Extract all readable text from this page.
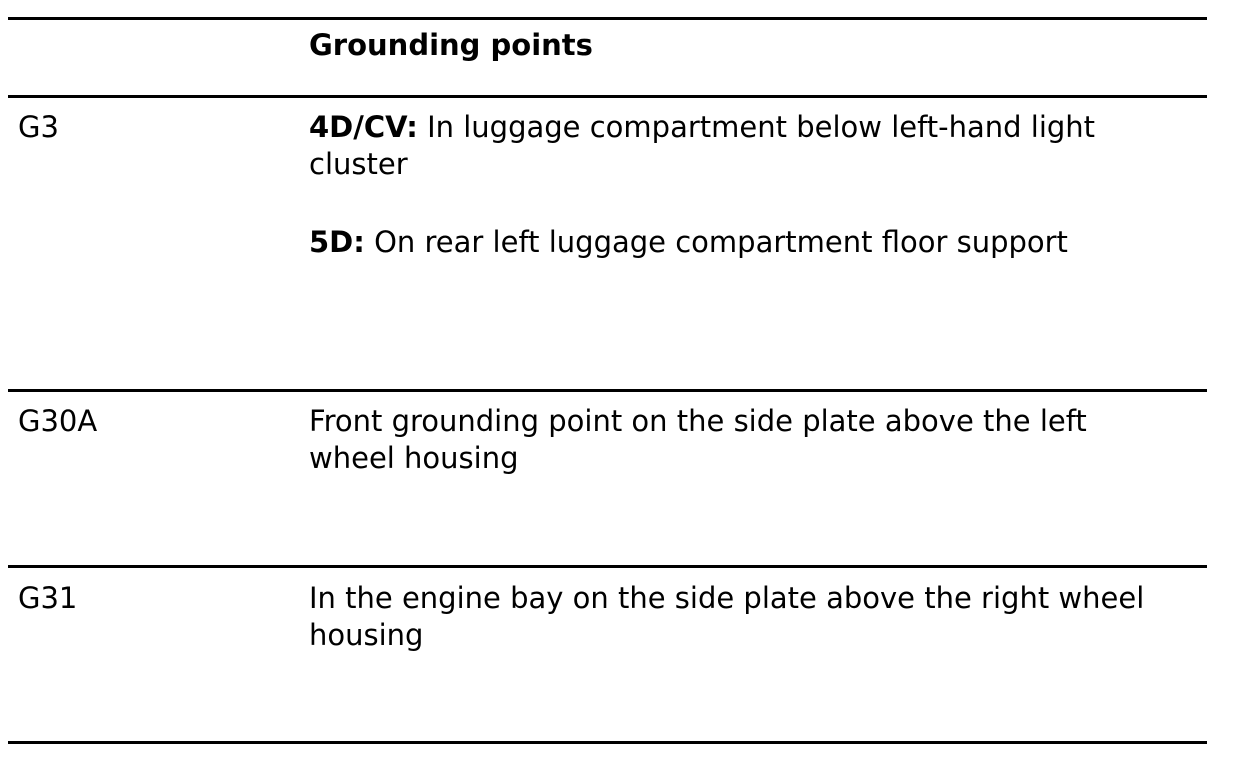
Grounding points
G3	4D/CV: In luggage compartment below left-hand light
cluster
5D: On rear left luggage compartment floor support
G30A	Front grounding point on the side plate above the left
wheel housing
G31	In the engine bay on the side plate above the right wheel
housing
